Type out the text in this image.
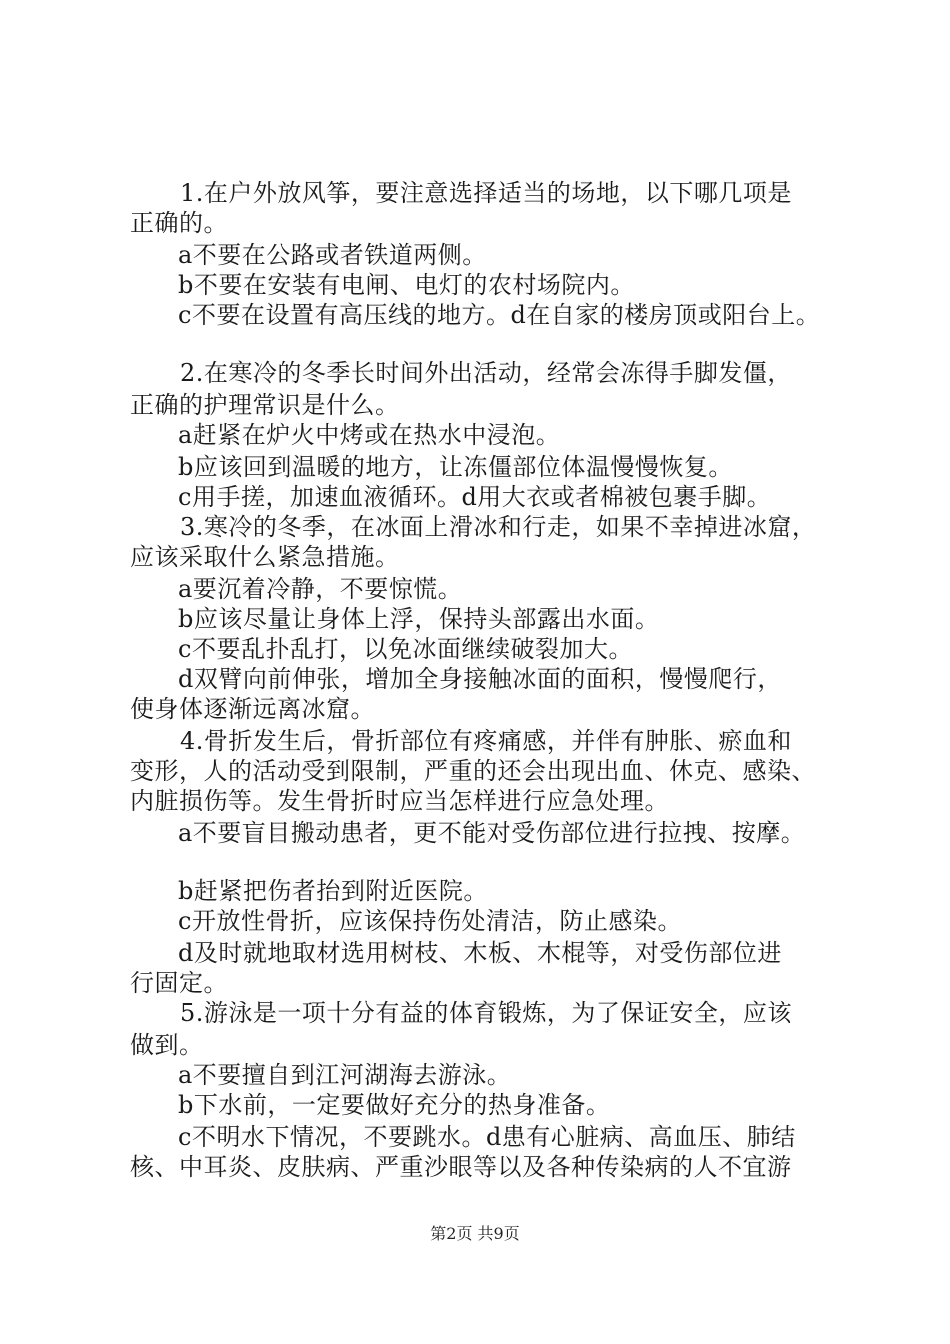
1.在户外放风筝，要注意选择适当的场地，以下哪几项是
正确的。
a不要在公路或者铁道两侧。
b不要在安装有电闸、电灯的农村场院内。
c不要在设置有高压线的地方。d在自家的楼房顶或阳台上。
2.在寒冷的冬季长时间外出活动，经常会冻得手脚发僵，
正确的护理常识是什么。
a赶紧在炉火中烤或在热水中浸泡。
b应该回到温暖的地方，让冻僵部位体温慢慢恢复。
c用手搓，加速血液循环。d用大衣或者棉被包裹手脚。
3.寒冷的冬季，在冰面上滑冰和行走，如果不幸掉进冰窟，
应该采取什么紧急措施。
a要沉着冷静，不要惊慌。
b应该尽量让身体上浮，保持头部露出水面。
c不要乱扑乱打，以免冰面继续破裂加大。
d双臂向前伸张，增加全身接触冰面的面积，慢慢爬行，
使身体逐渐远离冰窟。
4.骨折发生后，骨折部位有疼痛感，并伴有肿胀、瘀血和
变形，人的活动受到限制，严重的还会出现出血、休克、感染、
内脏损伤等。发生骨折时应当怎样进行应急处理。
a不要盲目搬动患者，更不能对受伤部位进行拉拽、按摩。
b赶紧把伤者抬到附近医院。
c开放性骨折，应该保持伤处清洁，防止感染。
d及时就地取材选用树枝、木板、木棍等，对受伤部位进
行固定。
5.游泳是一项十分有益的体育锻炼，为了保证安全，应该
做到。
a不要擅自到江河湖海去游泳。
b下水前，一定要做好充分的热身准备。
c不明水下情况，不要跳水。d患有心脏病、高血压、肺结
核、中耳炎、皮肤病、严重沙眼等以及各种传染病的人不宜游
第2页 共9页
